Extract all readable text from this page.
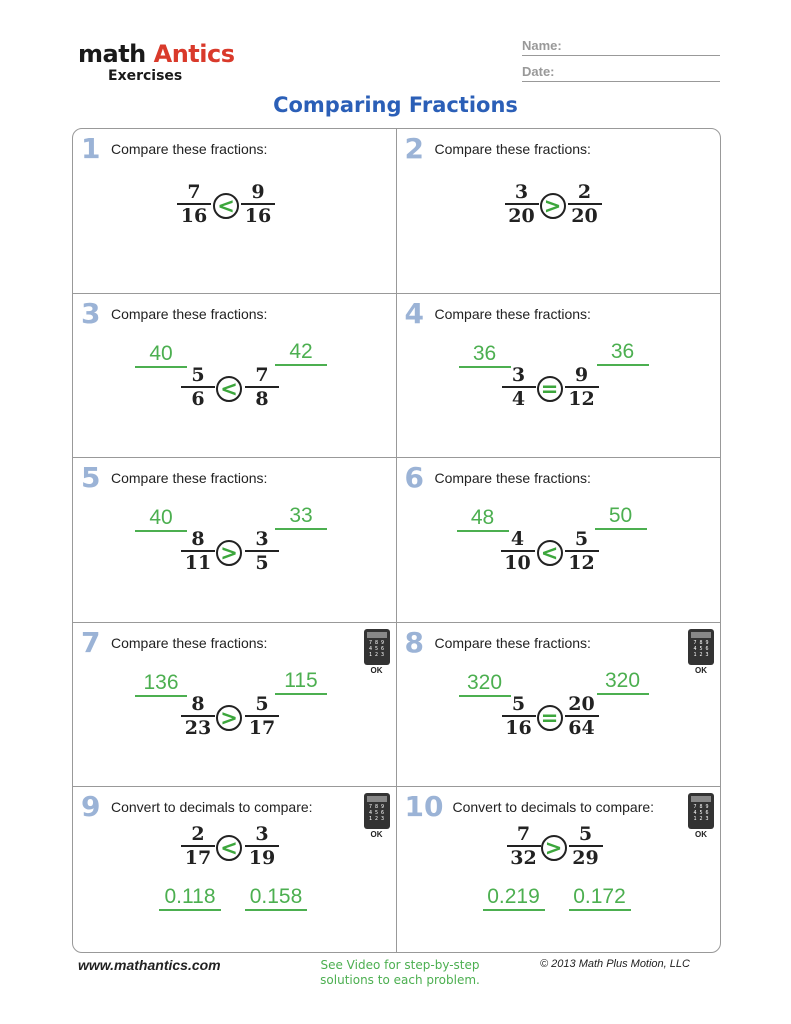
math Antics
Exercises
Name:
Date:
Comparing Fractions
1 Compare these fractions:
$\frac{7}{16} < \frac{9}{16}$
2 Compare these fractions:
$\frac{3}{20} > \frac{2}{20}$
3 Compare these fractions:
40	42
$\frac{5}{6} < \frac{7}{8}$
4 Compare these fractions:
36	36
$\frac{3}{4} = \frac{9}{12}$
5 Compare these fractions:
40	33
$\frac{8}{11} > \frac{3}{5}$
6 Compare these fractions:
48	50
$\frac{4}{10} < \frac{5}{12}$
7 Compare these fractions:	7 8 9
4 5 6
1 2 3
OK
136	115
$\frac{8}{23} > \frac{5}{17}$
8 Compare these fractions:	7 8 9
4 5 6
1 2 3
OK
320	320
$\frac{5}{16} = \frac{20}{64}$
9 Convert to decimals to compare:	7 8 9
4 5 6
1 2 3
OK
$\frac{2}{17} < \frac{3}{19}$
0.118 0.158
10 Convert to decimals to compare:	7 8 9
4 5 6
1 2 3
OK
$\frac{7}{32} > \frac{5}{29}$
0.219 0.172
www.mathantics.com	See Video for step-by-step
solutions to each problem.
© 2013 Math Plus Motion, LLC
